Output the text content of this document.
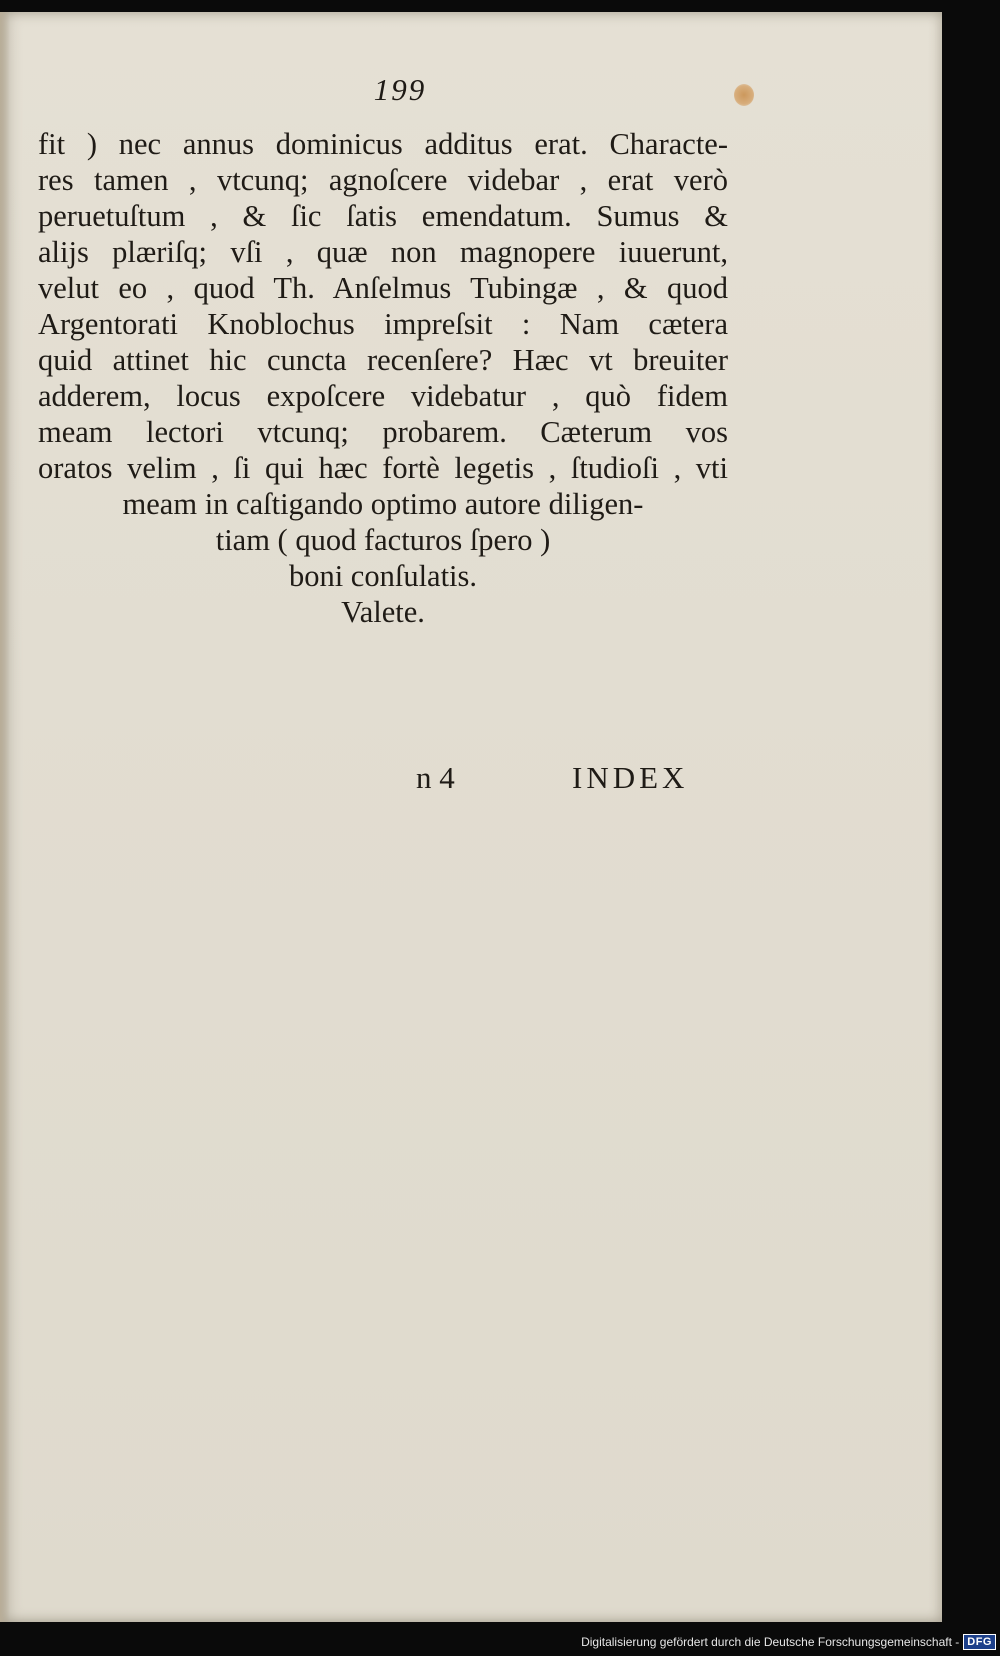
199

fit ) nec annus dominicus additus erat. Characte-

res tamen , vtcunq; agnoſcere videbar , erat verò

peruetuſtum , & ſic ſatis emendatum. Sumus &

alijs plæriſq; vſi , quæ non magnopere iuuerunt,

velut eo , quod Th. Anſelmus Tubingæ , & quod

Argentorati Knoblochus impreſsit : Nam cætera

quid attinet hic cuncta recenſere? Hæc vt breuiter

adderem, locus expoſcere videbatur , quò fidem

meam lectori vtcunq; probarem. Cæterum vos

oratos velim , ſi qui hæc fortè legetis , ſtudioſi , vti

meam in caſtigando optimo autore diligen-

tiam ( quod facturos ſpero )

boni conſulatis.

Valete.

n 4	INDEX
Digitalisierung gefördert durch die Deutsche Forschungsgemeinschaft - DFG
